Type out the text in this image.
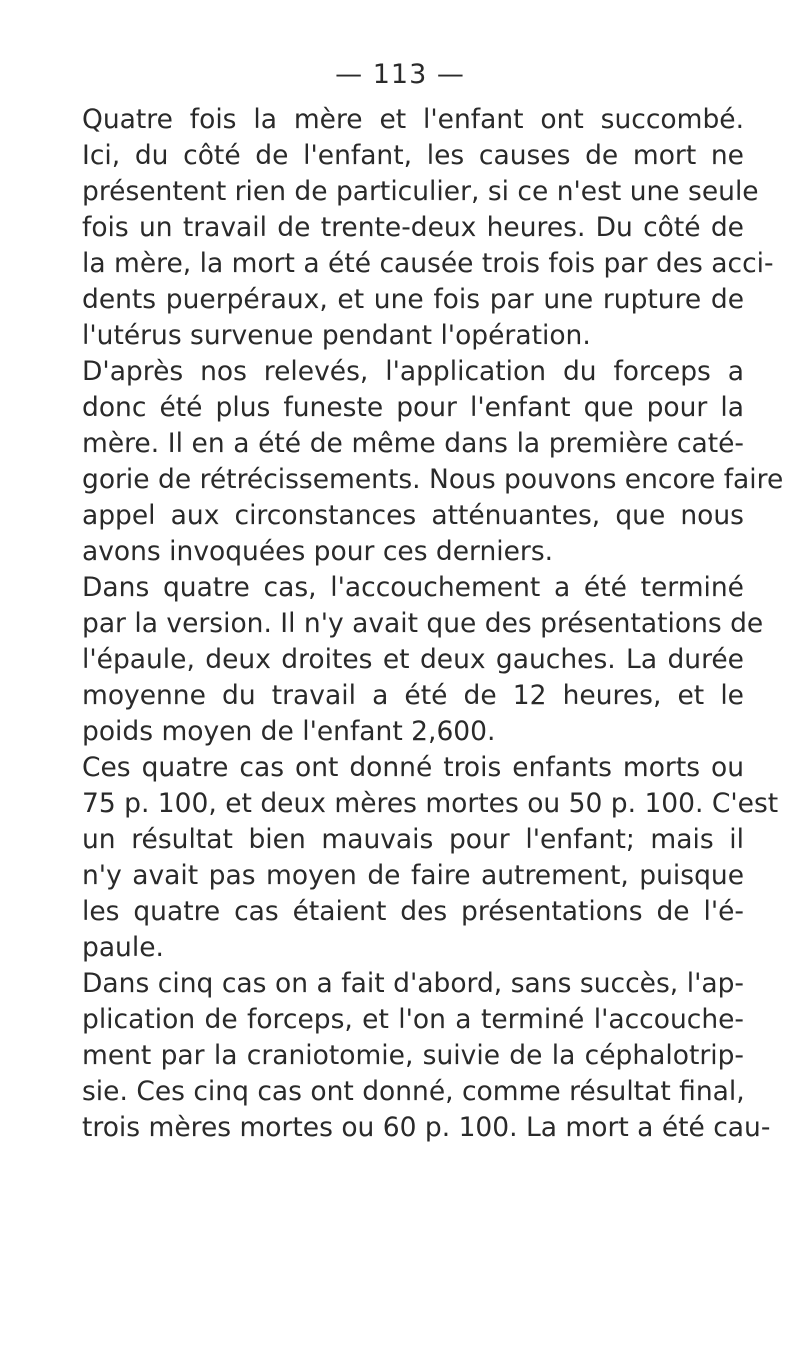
— 113 —
Quatre fois la mère et l'enfant ont succombé.
Ici, du côté de l'enfant, les causes de mort ne
présentent rien de particulier, si ce n'est une seule
fois un travail de trente-deux heures. Du côté de
la mère, la mort a été causée trois fois par des acci-
dents puerpéraux, et une fois par une rupture de
l'utérus survenue pendant l'opération.
D'après nos relevés, l'application du forceps a
donc été plus funeste pour l'enfant que pour la
mère. Il en a été de même dans la première caté-
gorie de rétrécissements. Nous pouvons encore faire
appel aux circonstances atténuantes, que nous
avons invoquées pour ces derniers.
Dans quatre cas, l'accouchement a été terminé
par la version. Il n'y avait que des présentations de
l'épaule, deux droites et deux gauches. La durée
moyenne du travail a été de 12 heures, et le
poids moyen de l'enfant 2,600.
Ces quatre cas ont donné trois enfants morts ou
75 p. 100, et deux mères mortes ou 50 p. 100. C'est
un résultat bien mauvais pour l'enfant; mais il
n'y avait pas moyen de faire autrement, puisque
les quatre cas étaient des présentations de l'é-
paule.
Dans cinq cas on a fait d'abord, sans succès, l'ap-
plication de forceps, et l'on a terminé l'accouche-
ment par la craniotomie, suivie de la céphalotrip-
sie. Ces cinq cas ont donné, comme résultat final,
trois mères mortes ou 60 p. 100. La mort a été cau-
